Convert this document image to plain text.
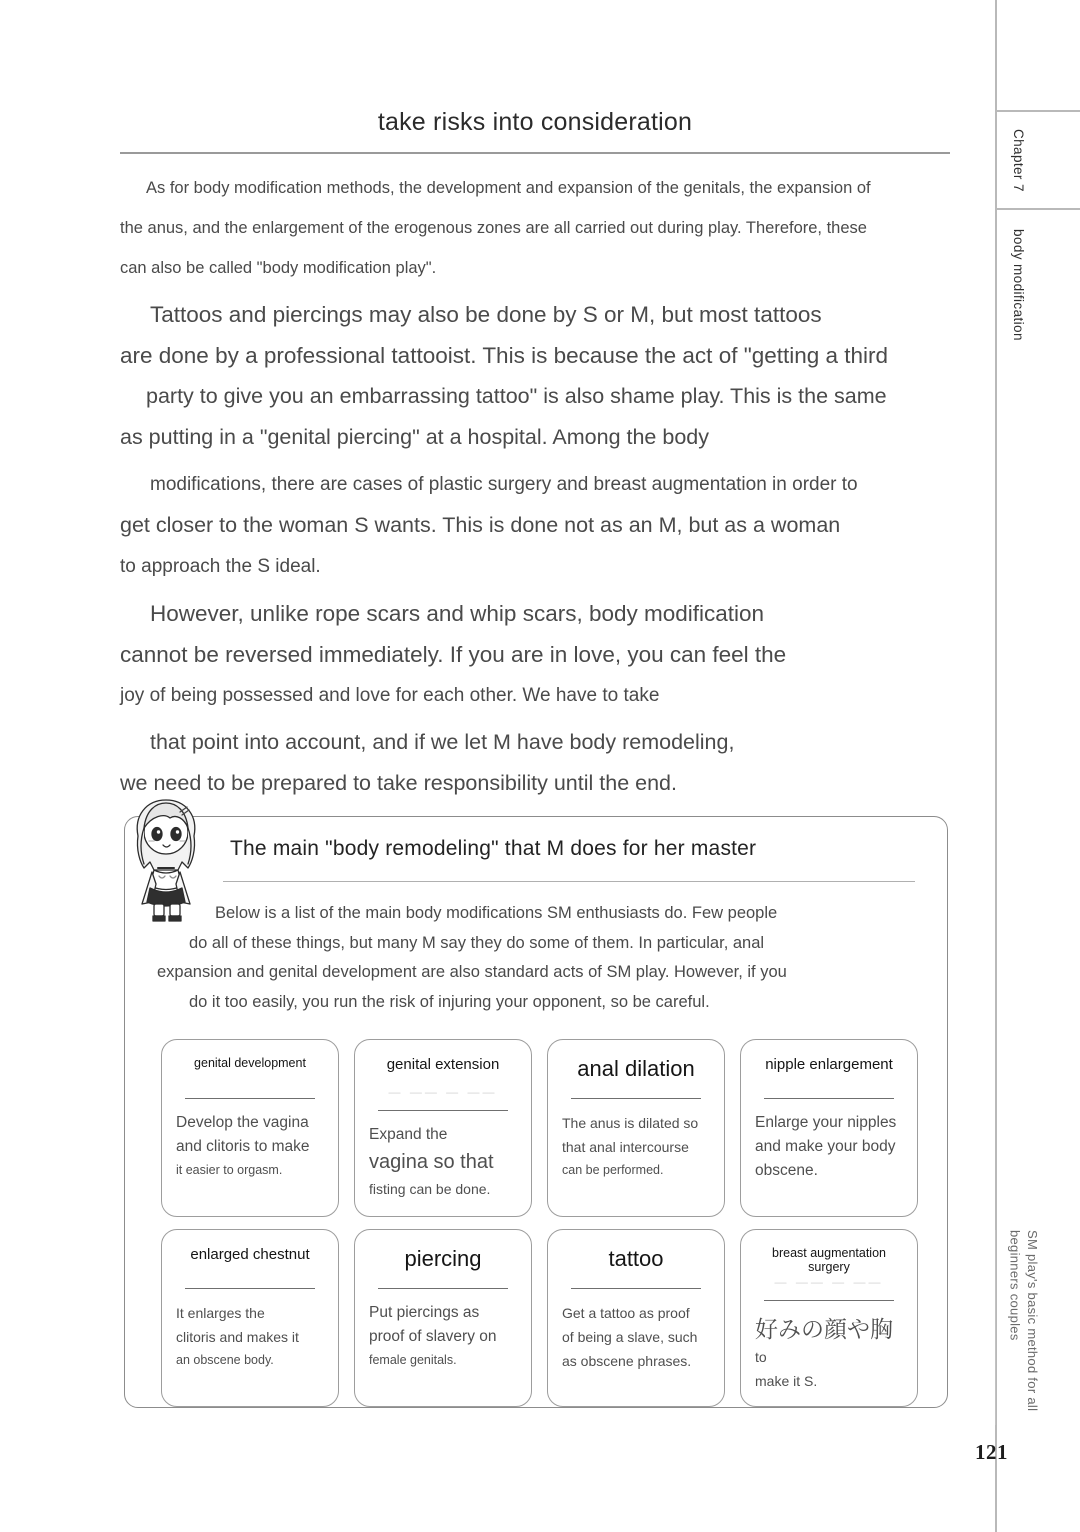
Chapter 7
body modification
SM play's basic method for all beginners couples
121
take risks into consideration
As for body modification methods, the development and expansion of the genitals, the expansion of
the anus, and the enlargement of the erogenous zones are all carried out during play. Therefore, these
can also be called "body modification play".
Tattoos and piercings may also be done by S or M, but most tattoos
are done by a professional tattooist. This is because the act of "getting a third
party to give you an embarrassing tattoo" is also shame play. This is the same
as putting in a "genital piercing" at a hospital. Among the body
modifications, there are cases of plastic surgery and breast augmentation in order to
get closer to the woman S wants. This is done not as an M, but as a woman
to approach the S ideal.
However, unlike rope scars and whip scars, body modification
cannot be reversed immediately. If you are in love, you can feel the
joy of being possessed and love for each other. We have to take
that point into account, and if we let M have body remodeling,
we need to be prepared to take responsibility until the end.
The main "body remodeling" that M does for her master
Below is a list of the main body modifications SM enthusiasts do. Few people
do all of these things, but many M say they do some of them. In particular, anal
expansion and genital development are also standard acts of SM play. However, if you
do it too easily, you run the risk of injuring your opponent, so be careful.
genital development
Develop the vagina
and clitoris to make
it easier to orgasm.
genital extension
— —— — ——
Expand the
vagina so that
fisting can be done.
anal dilation
The anus is dilated so
that anal intercourse
can be performed.
nipple enlargement
Enlarge your nipples
and make your body
obscene.
enlarged chestnut
It enlarges the
clitoris and makes it
an obscene body.
piercing
Put piercings as
proof of slavery on
female genitals.
tattoo
Get a tattoo as proof
of being a slave, such
as obscene phrases.
breast augmentation surgery
— —— — ——
好みの顔や胸
to
make it S.
